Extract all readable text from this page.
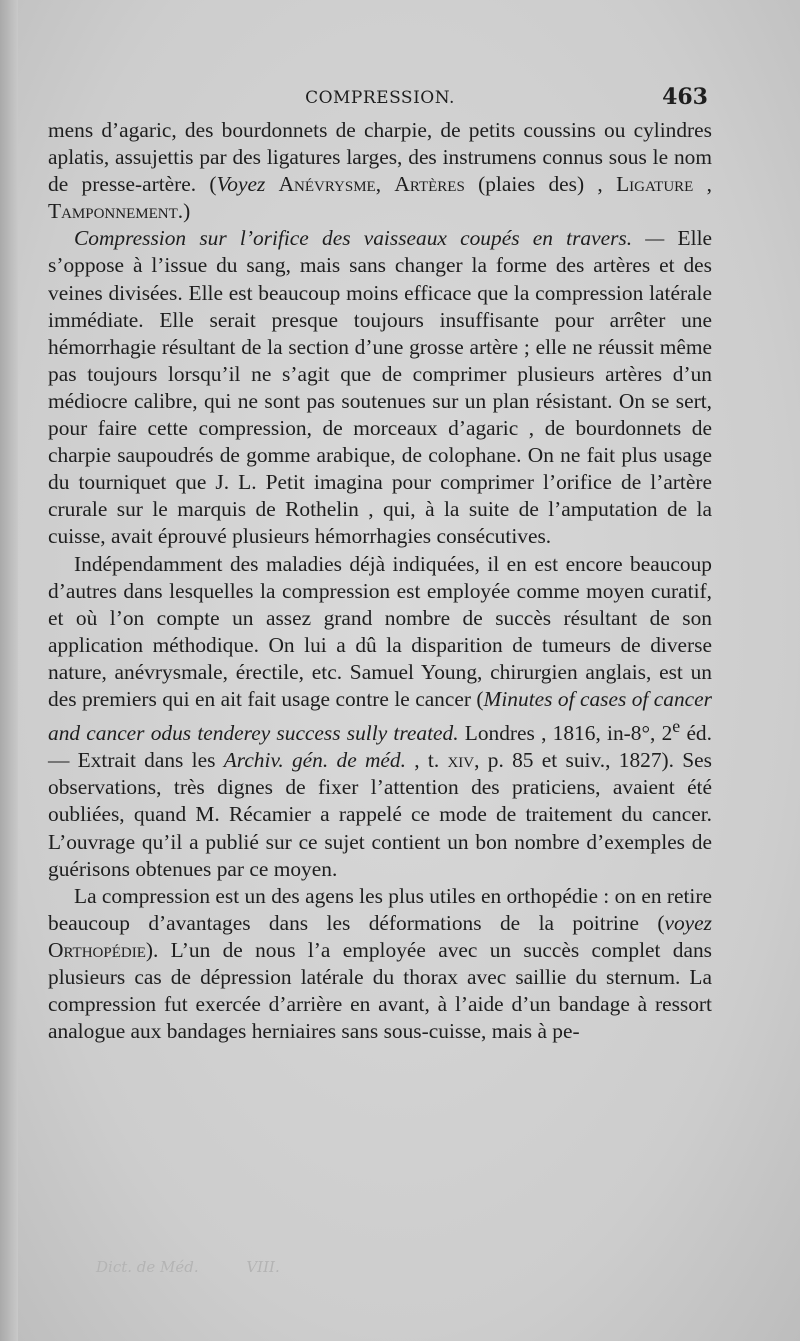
COMPRESSION.	463

mens d’agaric, des bourdonnets de charpie, de petits coussins ou cylindres aplatis, assujettis par des ligatures larges, des instrumens connus sous le nom de presse-artère. (Voyez Anévrysme, Artères (plaies des) , Ligature , Tamponnement.)

Compression sur l’orifice des vaisseaux coupés en travers. — Elle s’oppose à l’issue du sang, mais sans changer la forme des artères et des veines divisées. Elle est beaucoup moins efficace que la compression latérale immédiate. Elle serait presque toujours insuffisante pour arrêter une hémorrhagie résultant de la section d’une grosse artère ; elle ne réussit même pas toujours lorsqu’il ne s’agit que de comprimer plusieurs artères d’un médiocre calibre, qui ne sont pas soutenues sur un plan résistant. On se sert, pour faire cette compression, de morceaux d’agaric , de bourdonnets de charpie saupoudrés de gomme arabique, de colophane. On ne fait plus usage du tourniquet que J. L. Petit imagina pour comprimer l’orifice de l’artère crurale sur le marquis de Rothelin , qui, à la suite de l’amputation de la cuisse, avait éprouvé plusieurs hémorrhagies consécutives.

Indépendamment des maladies déjà indiquées, il en est encore beaucoup d’autres dans lesquelles la compression est employée comme moyen curatif, et où l’on compte un assez grand nombre de succès résultant de son application méthodique. On lui a dû la disparition de tumeurs de diverse nature, anévrysmale, érectile, etc. Samuel Young, chirurgien anglais, est un des premiers qui en ait fait usage contre le cancer (Minutes of cases of cancer and cancer odus tenderey success sully treated. Londres , 1816, in-8°, 2e éd. — Extrait dans les Archiv. gén. de méd. , t. xiv, p. 85 et suiv., 1827). Ses observations, très dignes de fixer l’attention des praticiens, avaient été oubliées, quand M. Récamier a rappelé ce mode de traitement du cancer. L’ouvrage qu’il a publié sur ce sujet contient un bon nombre d’exemples de guérisons obtenues par ce moyen.

La compression est un des agens les plus utiles en orthopédie : on en retire beaucoup d’avantages dans les déformations de la poitrine (voyez Orthopédie). L’un de nous l’a employée avec un succès complet dans plusieurs cas de dépression latérale du thorax avec saillie du sternum. La compression fut exercée d’arrière en avant, à l’aide d’un bandage à ressort analogue aux bandages herniaires sans sous-cuisse, mais à pe-

Dict. de Méd.	VIII.
